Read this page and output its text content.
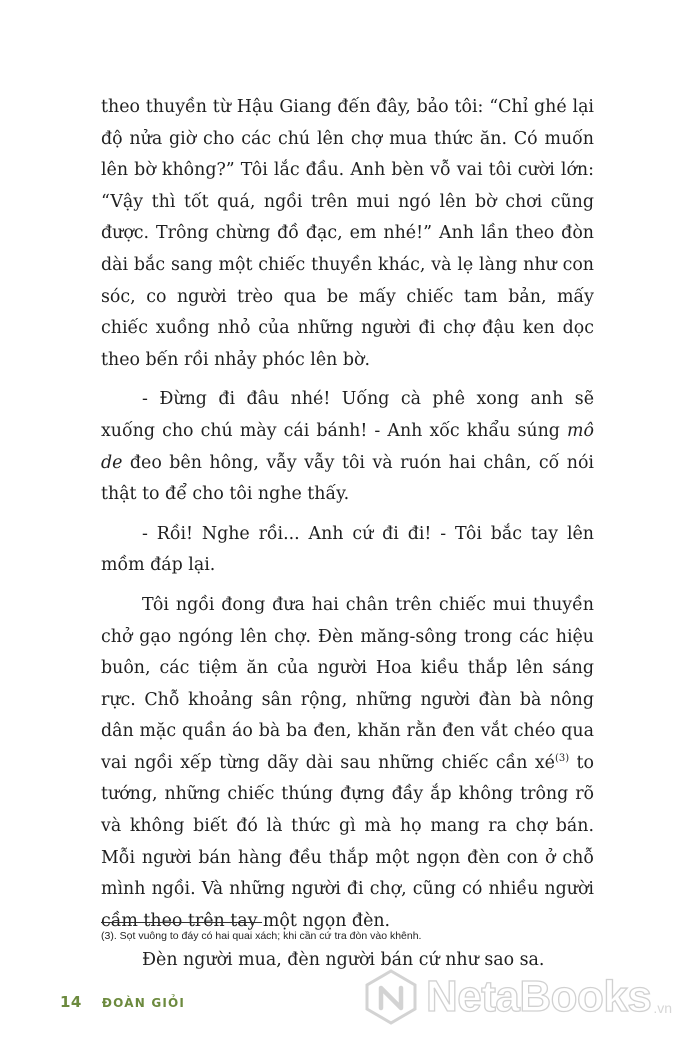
theo thuyền từ Hậu Giang đến đây, bảo tôi: “Chỉ ghé lại độ nửa giờ cho các chú lên chợ mua thức ăn. Có muốn lên bờ không?” Tôi lắc đầu. Anh bèn vỗ vai tôi cười lớn: “Vậy thì tốt quá, ngồi trên mui ngó lên bờ chơi cũng được. Trông chừng đồ đạc, em nhé!” Anh lần theo đòn dài bắc sang một chiếc thuyền khác, và lẹ làng như con sóc, co người trèo qua be mấy chiếc tam bản, mấy chiếc xuồng nhỏ của những người đi chợ đậu ken dọc theo bến rồi nhảy phóc lên bờ.

- Đừng đi đâu nhé! Uống cà phê xong anh sẽ xuống cho chú mày cái bánh! - Anh xốc khẩu súng mô de đeo bên hông, vẫy vẫy tôi và ruón hai chân, cố nói thật to để cho tôi nghe thấy.

- Rồi! Nghe rồi... Anh cứ đi đi! - Tôi bắc tay lên mồm đáp lại.

Tôi ngồi đong đưa hai chân trên chiếc mui thuyền chở gạo ngóng lên chợ. Đèn măng-sông trong các hiệu buôn, các tiệm ăn của người Hoa kiều thắp lên sáng rực. Chỗ khoảng sân rộng, những người đàn bà nông dân mặc quần áo bà ba đen, khăn rằn đen vắt chéo qua vai ngồi xếp từng dãy dài sau những chiếc cần xé$^{(3)}$ to tướng, những chiếc thúng đựng đầy ắp không trông rõ và không biết đó là thức gì mà họ mang ra chợ bán. Mỗi người bán hàng đều thắp một ngọn đèn con ở chỗ mình ngồi. Và những người đi chợ, cũng có nhiều người cầm theo trên tay một ngọn đèn.

Đèn người mua, đèn người bán cứ như sao sa.

(3). Sọt vuông to đáy có hai quai xách; khi cần cứ tra đòn vào khênh.
14 ĐOÀN GIỎI	NetaBooks .vn
